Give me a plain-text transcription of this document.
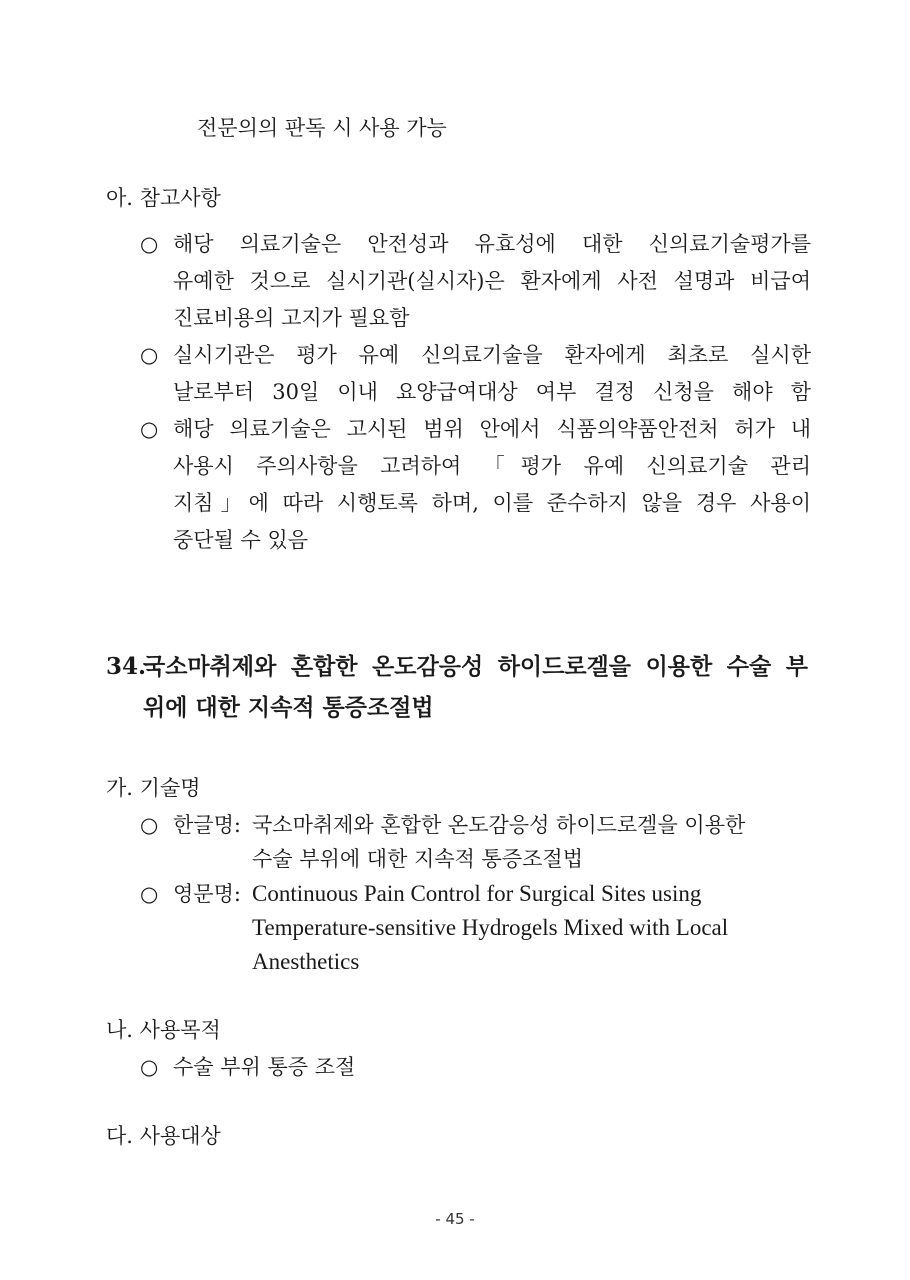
전문의의 판독 시 사용 가능
아. 참고사항
○ 해당 의료기술은 안전성과 유효성에 대한 신의료기술평가를
유예한 것으로 실시기관(실시자)은 환자에게 사전 설명과 비급여
진료비용의 고지가 필요함
○ 실시기관은 평가 유예 신의료기술을 환자에게 최초로 실시한
날로부터 30일 이내 요양급여대상 여부 결정 신청을 해야 함
○ 해당 의료기술은 고시된 범위 안에서 식품의약품안전처 허가 내
사용시 주의사항을 고려하여 「평가 유예 신의료기술 관리
지침」에 따라 시행토록 하며, 이를 준수하지 않을 경우 사용이
중단될 수 있음
34.
국소마취제와 혼합한 온도감응성 하이드로겔을 이용한 수술 부
위에 대한 지속적 통증조절법
가. 기술명
○ 한글명: 국소마취제와 혼합한 온도감응성 하이드로겔을 이용한
수술 부위에 대한 지속적 통증조절법
○ 영문명: Continuous Pain Control for Surgical Sites using
Temperature-sensitive Hydrogels Mixed with Local
Anesthetics
나. 사용목적
○ 수술 부위 통증 조절
다. 사용대상
- 45 -
